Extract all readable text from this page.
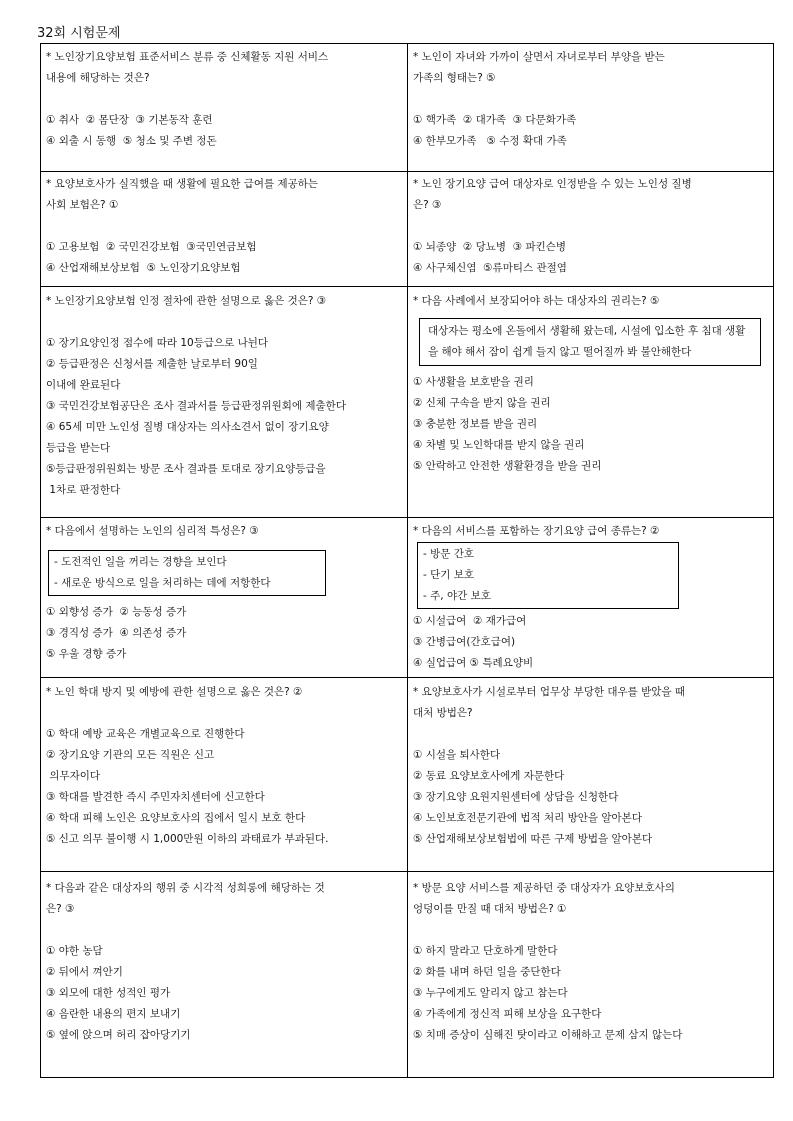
32회 시험문제
* 노인장기요양보험 표준서비스 분류 중 신체활동 지원 서비스
내용에 해당하는 것은?
① 취사  ② 몸단장  ③ 기본동작 훈련
④ 외출 시 동행  ⑤ 청소 및 주변 정돈
* 노인이 자녀와 가까이 살면서 자녀로부터 부양을 받는
가족의 형태는? ⑤
① 핵가족  ② 대가족  ③ 다문화가족
④ 한부모가족   ⑤ 수정 확대 가족
* 요양보호사가 실직했을 때 생활에 필요한 급여를 제공하는
사회 보험은? ①
① 고용보험  ② 국민건강보험  ③국민연금보험
④ 산업재해보상보험  ⑤ 노인장기요양보험
* 노인 장기요양 급여 대상자로 인정받을 수 있는 노인성 질병
은? ③
① 뇌종양  ② 당뇨병  ③ 파킨슨병
④ 사구체신염  ⑤류마티스 관절염
* 노인장기요양보험 인정 절차에 관한 설명으로 옳은 것은? ③
① 장기요양인정 점수에 따라 10등급으로 나뉜다
② 등급판정은 신청서를 제출한 날로부터 90일
이내에 완료된다
③ 국민건강보험공단은 조사 결과서를 등급판정위원회에 제출한다
④ 65세 미만 노인성 질병 대상자는 의사소견서 없이 장기요양
등급을 받는다
⑤등급판정위원회는 방문 조사 결과를 토대로 장기요양등급을
1차로 판정한다
* 다음 사례에서 보장되어야 하는 대상자의 권리는? ⑤
대상자는 평소에 온돌에서 생활해 왔는데, 시설에 입소한 후 침대 생활을 해야 해서 잠이 쉽게 들지 않고 떨어질까 봐 불안해한다
① 사생활을 보호받을 권리
② 신체 구속을 받지 않을 권리
③ 충분한 정보를 받을 권리
④ 차별 및 노인학대를 받지 않을 권리
⑤ 안락하고 안전한 생활환경을 받을 권리
* 다음에서 설명하는 노인의 심리적 특성은? ③
- 도전적인 일을 꺼리는 경향을 보인다
- 새로운 방식으로 일을 처리하는 데에 저항한다
① 외향성 증가  ② 능동성 증가
③ 경직성 증가  ④ 의존성 증가
⑤ 우울 경향 증가
* 다음의 서비스를 포함하는 장기요양 급여 종류는? ②
- 방문 간호
- 단기 보호
- 주, 야간 보호
① 시설급여  ② 재가급여
③ 간병급여(간호급여)
④ 실업급여 ⑤ 특례요양비
* 노인 학대 방지 및 예방에 관한 설명으로 옳은 것은? ②
① 학대 예방 교육은 개별교육으로 진행한다
② 장기요양 기관의 모든 직원은 신고
의무자이다
③ 학대를 발견한 즉시 주민자치센터에 신고한다
④ 학대 피해 노인은 요양보호사의 집에서 일시 보호 한다
⑤ 신고 의무 불이행 시 1,000만원 이하의 과태료가 부과된다.
* 요양보호사가 시설로부터 업무상 부당한 대우를 받았을 때
대처 방법은?
① 시설을 퇴사한다
② 동료 요양보호사에게 자문한다
③ 장기요양 요원지원센터에 상담을 신청한다
④ 노인보호전문기관에 법적 처리 방안을 알아본다
⑤ 산업재해보상보험법에 따른 구제 방법을 알아본다
* 다음과 같은 대상자의 행위 중 시각적 성희롱에 해당하는 것
은? ③
① 야한 농담
② 뒤에서 껴안기
③ 외모에 대한 성적인 평가
④ 음란한 내용의 편지 보내기
⑤ 옆에 앉으며 허리 잡아당기기
* 방문 요양 서비스를 제공하던 중 대상자가 요양보호사의
엉덩이를 만질 때 대처 방법은? ①
① 하지 말라고 단호하게 말한다
② 화를 내며 하던 일을 중단한다
③ 누구에게도 알리지 않고 참는다
④ 가족에게 정신적 피해 보상을 요구한다
⑤ 치매 증상이 심해진 탓이라고 이해하고 문제 삼지 않는다
